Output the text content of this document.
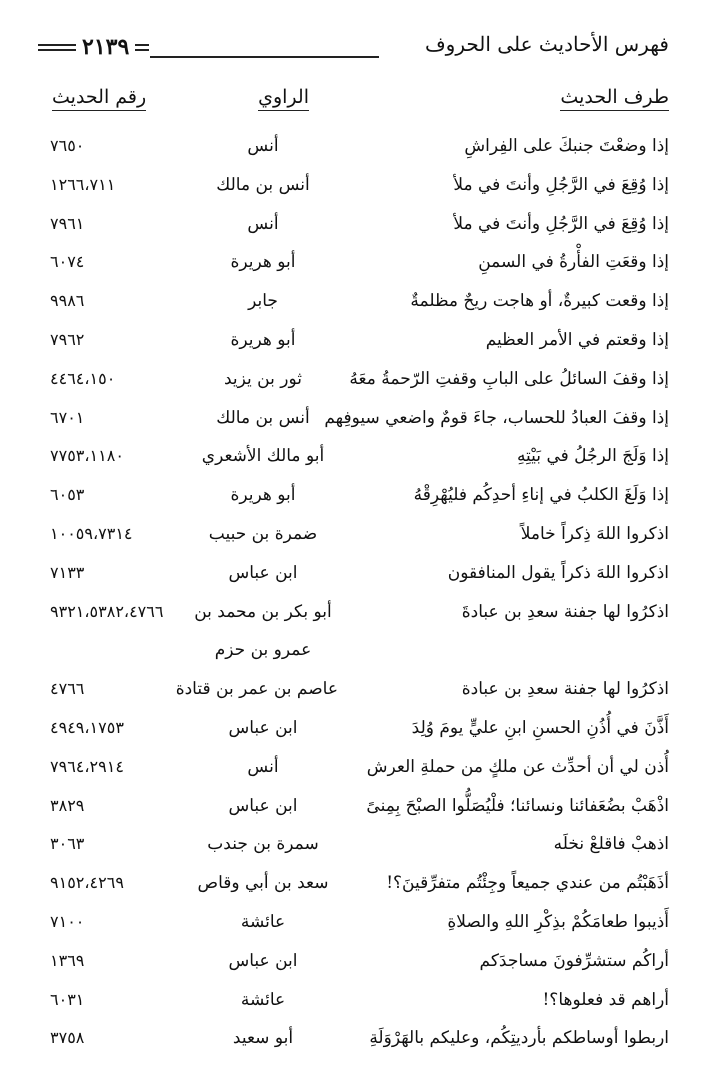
فهرس الأحاديث على الحروف
٢١٣٩
طرف الحديث
الراوي
رقم الحديث
إذا وضعْتَ جنبكَ على الفِراشِ
أنس
٧٦٥٠
إذا وُقِعَ في الرَّجُلِ وأنتَ في ملأ
أنس بن مالك
١٢٦٦،٧١١
إذا وُقِعَ في الرَّجُلِ وأنتَ في ملأ
أنس
٧٩٦١
إذا وقعَتِ الفأْرةُ في السمنِ
أبو هريرة
٦٠٧٤
إذا وقعت كبيرةٌ، أو هاجت ريحٌ مظلمةٌ
جابر
٩٩٨٦
إذا وقعتم في الأمر العظيم
أبو هريرة
٧٩٦٢
إذا وقفَ السائلُ على البابِ وقفتِ الرّحمةُ معَهُ
ثور بن يزيد
٤٤٦٤،١٥٠
إذا وقفَ العبادُ للحساب، جاءَ قومٌ واضعي سيوفِهم
أنس بن مالك
٦٧٠١
إذا وَلَجَ الرجُلُ في بَيْتِهِ
أبو مالك الأشعري
٧٧٥٣،١١٨٠
إذا وَلَغَ الكلبُ في إناءِ أحدِكُم فليُهْرِقْهُ
أبو هريرة
٦٠٥٣
اذكروا اللهَ ذِكراً خاملاً
ضمرة بن حبيب
١٠٠٥٩،٧٣١٤
اذكروا اللهَ ذكراً يقول المنافقون
ابن عباس
٧١٣٣
اذكرُوا لها جفنة سعدِ بن عبادةَ
أبو بكر بن محمد بن
٩٣٢١،٥٣٨٢،٤٧٦٦
عمرو بن حزم
اذكرُوا لها جفنة سعدِ بن عبادة
عاصم بن عمر بن قتادة
٤٧٦٦
أَذَّنَ في أُذُنِ الحسنِ ابنِ عليٍّ يومَ وُلِدَ
ابن عباس
٤٩٤٩،١٧٥٣
أُذن لي أن أحدِّث عن ملكٍ من حملةِ العرش
أنس
٧٩٦٤،٢٩١٤
اذْهَبْ بضُعَفائنا ونسائنا؛ فلْيُصَلُّوا الصبْحَ بِمِنىً
ابن عباس
٣٨٢٩
اذهبْ فاقلعْ نخلَه
سمرة بن جندب
٣٠٦٣
أذَهَبْتُم من عندي جميعاً وجِئْتُم متفرِّقينَ؟!
سعد بن أبي وقاص
٩١٥٢،٤٢٦٩
أَذيبوا طعامَكُمْ بذِكْرِ اللهِ والصلاةِ
عائشة
٧١٠٠
أراكُم ستشرِّفونَ مساجدَكم
ابن عباس
١٣٦٩
أراهم قد فعلوها؟!
عائشة
٦٠٣١
اربطوا أوساطكم بأرديتِكُم، وعليكم بالهَرْوَلَةِ
أبو سعيد
٣٧٥٨
